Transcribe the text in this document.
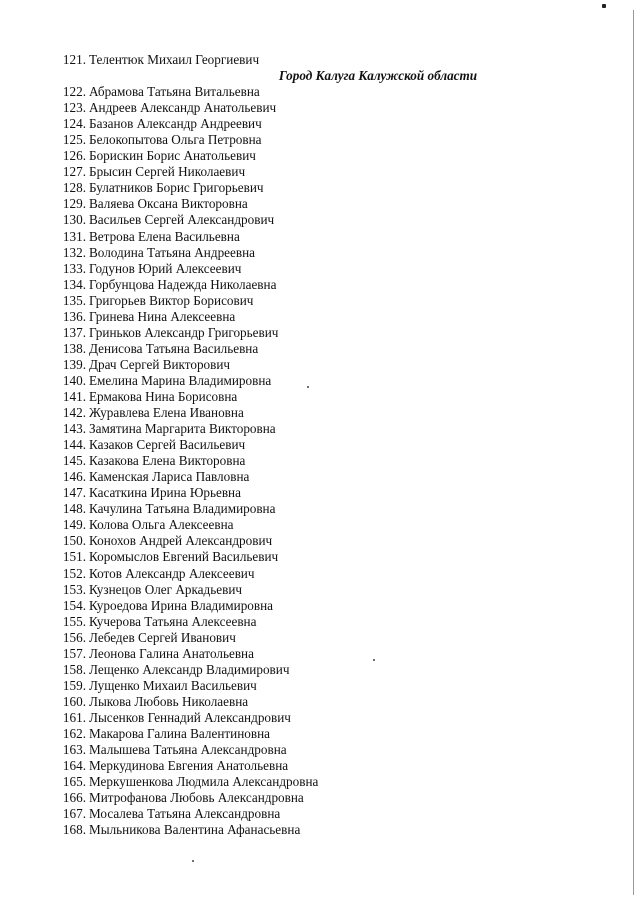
121. Телентюк Михаил Георгиевич
Город Калуга Калужской области
122. Абрамова Татьяна Витальевна
123. Андреев Александр Анатольевич
124. Базанов Александр Андреевич
125. Белокопытова Ольга Петровна
126. Борискин Борис Анатольевич
127. Брысин Сергей Николаевич
128. Булатников Борис Григорьевич
129. Валяева Оксана Викторовна
130. Васильев Сергей Александрович
131. Ветрова Елена Васильевна
132. Володина Татьяна Андреевна
133. Годунов Юрий Алексеевич
134. Горбунцова Надежда Николаевна
135. Григорьев Виктор Борисович
136. Гринева Нина Алексеевна
137. Гриньков Александр Григорьевич
138. Денисова Татьяна Васильевна
139. Драч Сергей Викторович
140. Емелина Марина Владимировна
141. Ермакова Нина Борисовна
142. Журавлева Елена Ивановна
143. Замятина Маргарита Викторовна
144. Казаков Сергей Васильевич
145. Казакова Елена Викторовна
146. Каменская Лариса Павловна
147. Касаткина Ирина Юрьевна
148. Качулина Татьяна Владимировна
149. Колова Ольга Алексеевна
150. Конохов Андрей Александрович
151. Коромыслов Евгений Васильевич
152. Котов Александр Алексеевич
153. Кузнецов Олег Аркадьевич
154. Куроедова Ирина Владимировна
155. Кучерова Татьяна Алексеевна
156. Лебедев Сергей Иванович
157. Леонова Галина Анатольевна
158. Лещенко Александр Владимирович
159. Лущенко Михаил Васильевич
160. Лыкова Любовь Николаевна
161. Лысенков Геннадий Александрович
162. Макарова Галина Валентиновна
163. Малышева Татьяна Александровна
164. Меркудинова Евгения Анатольевна
165. Меркушенкова Людмила Александровна
166. Митрофанова Любовь Александровна
167. Мосалева Татьяна Александровна
168. Мыльникова Валентина Афанасьевна
